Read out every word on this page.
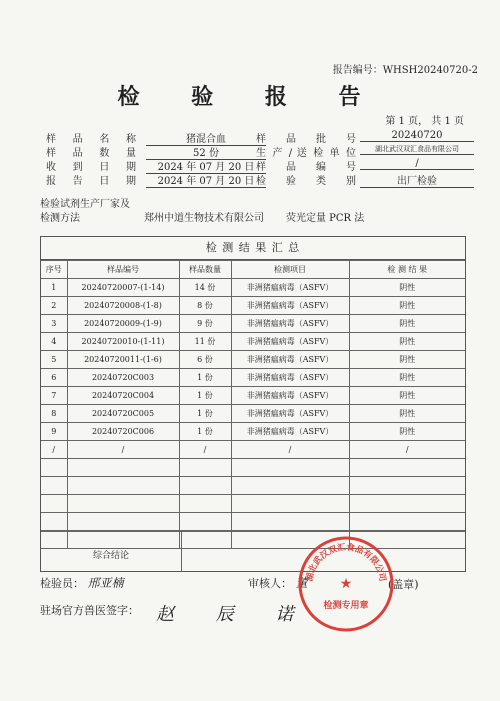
报告编号：WHSH20240720-2
检 验 报 告
第 1 页， 共 1 页
样 品 名 称	猪混合血	样 品 批 号	20240720
样 品 数 量	52 份	生 产 / 送 检 单 位	湖北武汉双汇食品有限公司
收 到 日 期	2024 年 07 月 20 日 样 品 编 号	/
报 告 日 期	2024 年 07 月 20 日 检 验 类 别	出厂检验
检验试剂生产厂家及
检测方法	郑州中道生物技术有限公司 荧光定量 PCR 法
检 测 结 果 汇 总
序号	样品编号	样品数量	检测项目	检 测 结 果
1	20240720007-(1-14)	14 份	非洲猪瘟病毒（ASFV）	阴性
2	20240720008-(1-8)	8 份	非洲猪瘟病毒（ASFV）	阴性
3	20240720009-(1-9)	9 份	非洲猪瘟病毒（ASFV）	阴性
4	20240720010-(1-11)	11 份	非洲猪瘟病毒（ASFV）	阴性
5	20240720011-(1-6)	6 份	非洲猪瘟病毒（ASFV）	阴性
6	20240720C003	1 份	非洲猪瘟病毒（ASFV）	阴性
7	20240720C004	1 份	非洲猪瘟病毒（ASFV）	阴性
8	20240720C005	1 份	非洲猪瘟病毒（ASFV）	阴性
9	20240720C006	1 份	非洲猪瘟病毒（ASFV）	阴性
/	/	/	/	/

综合结论
检验员： 邢亚楠	审核人： 董	(盖章)
驻场官方兽医签字： 赵 辰 诺
湖北武汉双汇食品有限公司
★
检测专用章
